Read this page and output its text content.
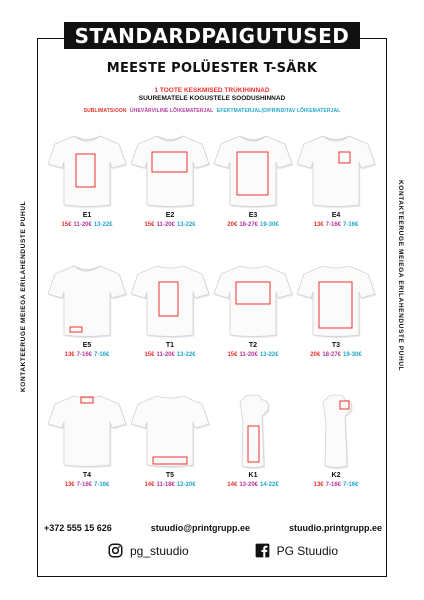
STANDARDPAIGUTUSED
MEESTE POLÜESTER T-SÄRK
1 TOOTE KESKMISED TRÜKIHINNAD
SUUREMATELE KOGUSTELE SOODUSHINNAD
SUBLIMATSIOON ÜHEVÄRVILINE LÕIKEMATERJAL EFEKTMATERJAL(D/PRINDITAV LÕIKEMATERJAL
KONTAKTEERUGE MEIEGA ERILAHENDUSTE PUHUL	KONTAKTEERUGE MEIEGA ERILAHENDUSTE PUHUL
E1
15€ 11-20€ 13-22€
E2
15€ 11-20€ 13-22€
E3
20€ 18-27€ 19-30€
E4
13€ 7-16€ 7-16€
E5
13€ 7-16€ 7-16€
T1
15€ 11-20€ 13-22€
T2
15€ 11-20€ 13-22€
T3
20€ 18-27€ 19-30€
T4
13€ 7-16€ 7-16€
T5
14€ 11-18€ 12-20€
K1
14€ 13-20€ 14-22€
K2
13€ 7-16€ 7-16€
+372 555 15 626	stuudio@printgrupp.ee	stuudio.printgrupp.ee
pg_stuudio	PG Stuudio
